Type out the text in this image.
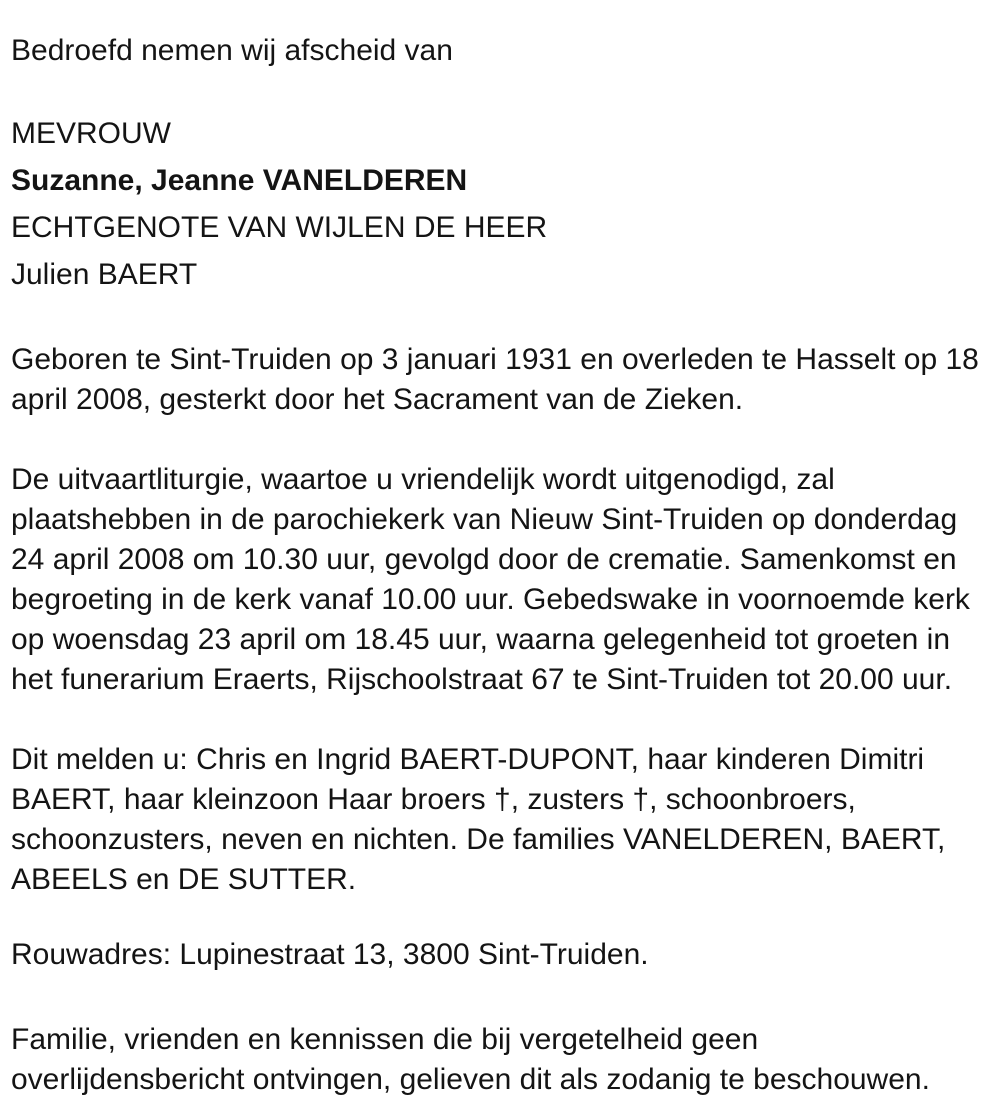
Bedroefd nemen wij afscheid van

MEVROUW
Suzanne, Jeanne VANELDEREN
ECHTGENOTE VAN WIJLEN DE HEER
Julien BAERT
Geboren te Sint-Truiden op 3 januari 1931 en overleden te Hasselt op 18
april 2008, gesterkt door het Sacrament van de Zieken.
De uitvaartliturgie, waartoe u vriendelijk wordt uitgenodigd, zal
plaatshebben in de parochiekerk van Nieuw Sint-Truiden op donderdag
24 april 2008 om 10.30 uur, gevolgd door de crematie. Samenkomst en
begroeting in de kerk vanaf 10.00 uur. Gebedswake in voornoemde kerk
op woensdag 23 april om 18.45 uur, waarna gelegenheid tot groeten in
het funerarium Eraerts, Rijschoolstraat 67 te Sint-Truiden tot 20.00 uur.
Dit melden u: Chris en Ingrid BAERT-DUPONT, haar kinderen Dimitri
BAERT, haar kleinzoon Haar broers †, zusters †, schoonbroers,
schoonzusters, neven en nichten. De families VANELDEREN, BAERT,
ABEELS en DE SUTTER.
Rouwadres: Lupinestraat 13, 3800 Sint-Truiden.
Familie, vrienden en kennissen die bij vergetelheid geen
overlijdensbericht ontvingen, gelieven dit als zodanig te beschouwen.
